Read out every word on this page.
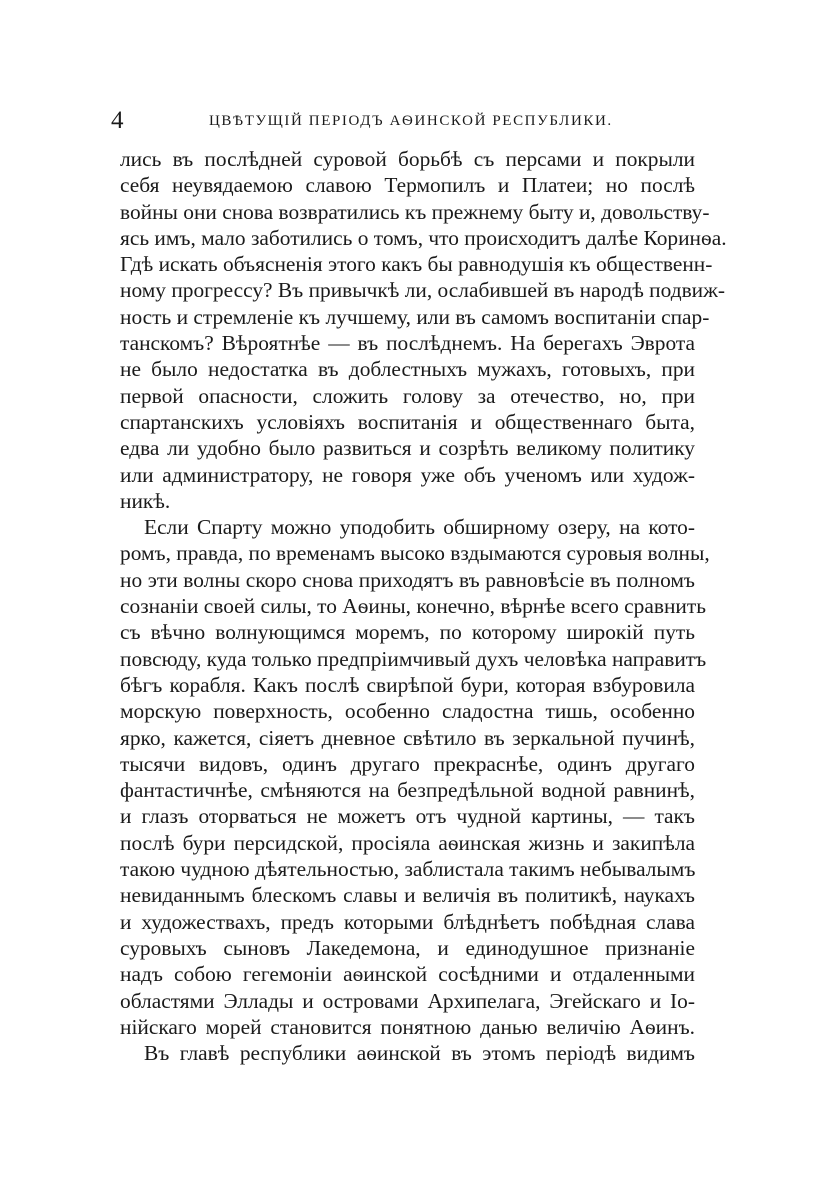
4	ЦВѢТУЩІЙ ПЕРІОДЪ АѲИНСКОЙ РЕСПУБЛИКИ.
лись въ послѣдней суровой борьбѣ съ персами и покрыли
себя неувядаемою славою Термопилъ и Платеи; но послѣ
войны они снова возвратились къ прежнему быту и, довольству-
ясь имъ, мало заботились о томъ, что происходитъ далѣе Коринѳа.
Гдѣ искать объясненія этого какъ бы равнодушія къ общественн-
ному прогрессу? Въ привычкѣ ли, ослабившей въ народѣ подвиж-
ность и стремленіе къ лучшему, или въ самомъ воспитаніи спар-
танскомъ? Вѣроятнѣе — въ послѣднемъ. На берегахъ Эврота
не было недостатка въ доблестныхъ мужахъ, готовыхъ, при
первой опасности, сложить голову за отечество, но, при
спартанскихъ условіяхъ воспитанія и общественнаго быта,
едва ли удобно было развиться и созрѣть великому политику
или администратору, не говоря уже объ ученомъ или худож-
никѣ.
Если Спарту можно уподобить обширному озеру, на кото-
ромъ, правда, по временамъ высоко вздымаются суровыя волны,
но эти волны скоро снова приходятъ въ равновѣсіе въ полномъ
сознаніи своей силы, то Аѳины, конечно, вѣрнѣе всего сравнить
съ вѣчно волнующимся моремъ, по которому широкій путь
повсюду, куда только предпріимчивый духъ человѣка направитъ
бѣгъ корабля. Какъ послѣ свирѣпой бури, которая взбуровила
морскую поверхность, особенно сладостна тишь, особенно
ярко, кажется, сіяетъ дневное свѣтило въ зеркальной пучинѣ,
тысячи видовъ, одинъ другаго прекраснѣе, одинъ другаго
фантастичнѣе, смѣняются на безпредѣльной водной равнинѣ,
и глазъ оторваться не можетъ отъ чудной картины, — такъ
послѣ бури персидской, просіяла аѳинская жизнь и закипѣла
такою чудною дѣятельностью, заблистала такимъ небывалымъ
невиданнымъ блескомъ славы и величія въ политикѣ, наукахъ
и художествахъ, предъ которыми блѣднѣетъ побѣдная слава
суровыхъ сыновъ Лакедемона, и единодушное признаніе
надъ собою гегемоніи аѳинской сосѣдними и отдаленными
областями Эллады и островами Архипелага, Эгейскаго и Іо-
нійскаго морей становится понятною данью величію Аѳинъ.
Въ главѣ республики аѳинской въ этомъ періодѣ видимъ
